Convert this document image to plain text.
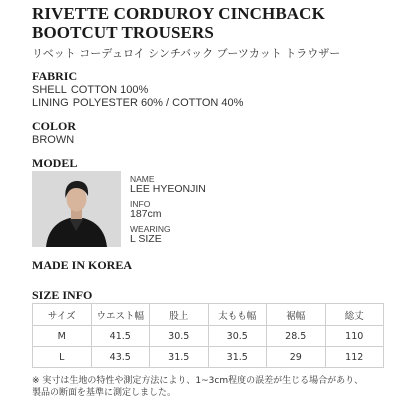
RIVETTE CORDUROY CINCHBACK
BOOTCUT TROUSERS
リベット コーデュロイ シンチバック ブーツカット トラウザー
FABRIC
SHELL COTTON 100%
LINING POLYESTER 60% / COTTON 40%
COLOR
BROWN
MODEL
NAME
LEE HYEONJIN
INFO
187cm
WEARING
L SIZE
MADE IN KOREA
SIZE INFO
サイズ	ウエスト幅	股上	太もも幅	裾幅	総丈
M	41.5	30.5	30.5	28.5	110
L	43.5	31.5	31.5	29	112
※ 実寸は生地の特性や測定方法により、1~3cm程度の誤差が生じる場合があり、
製品の断面を基準に測定しました。
